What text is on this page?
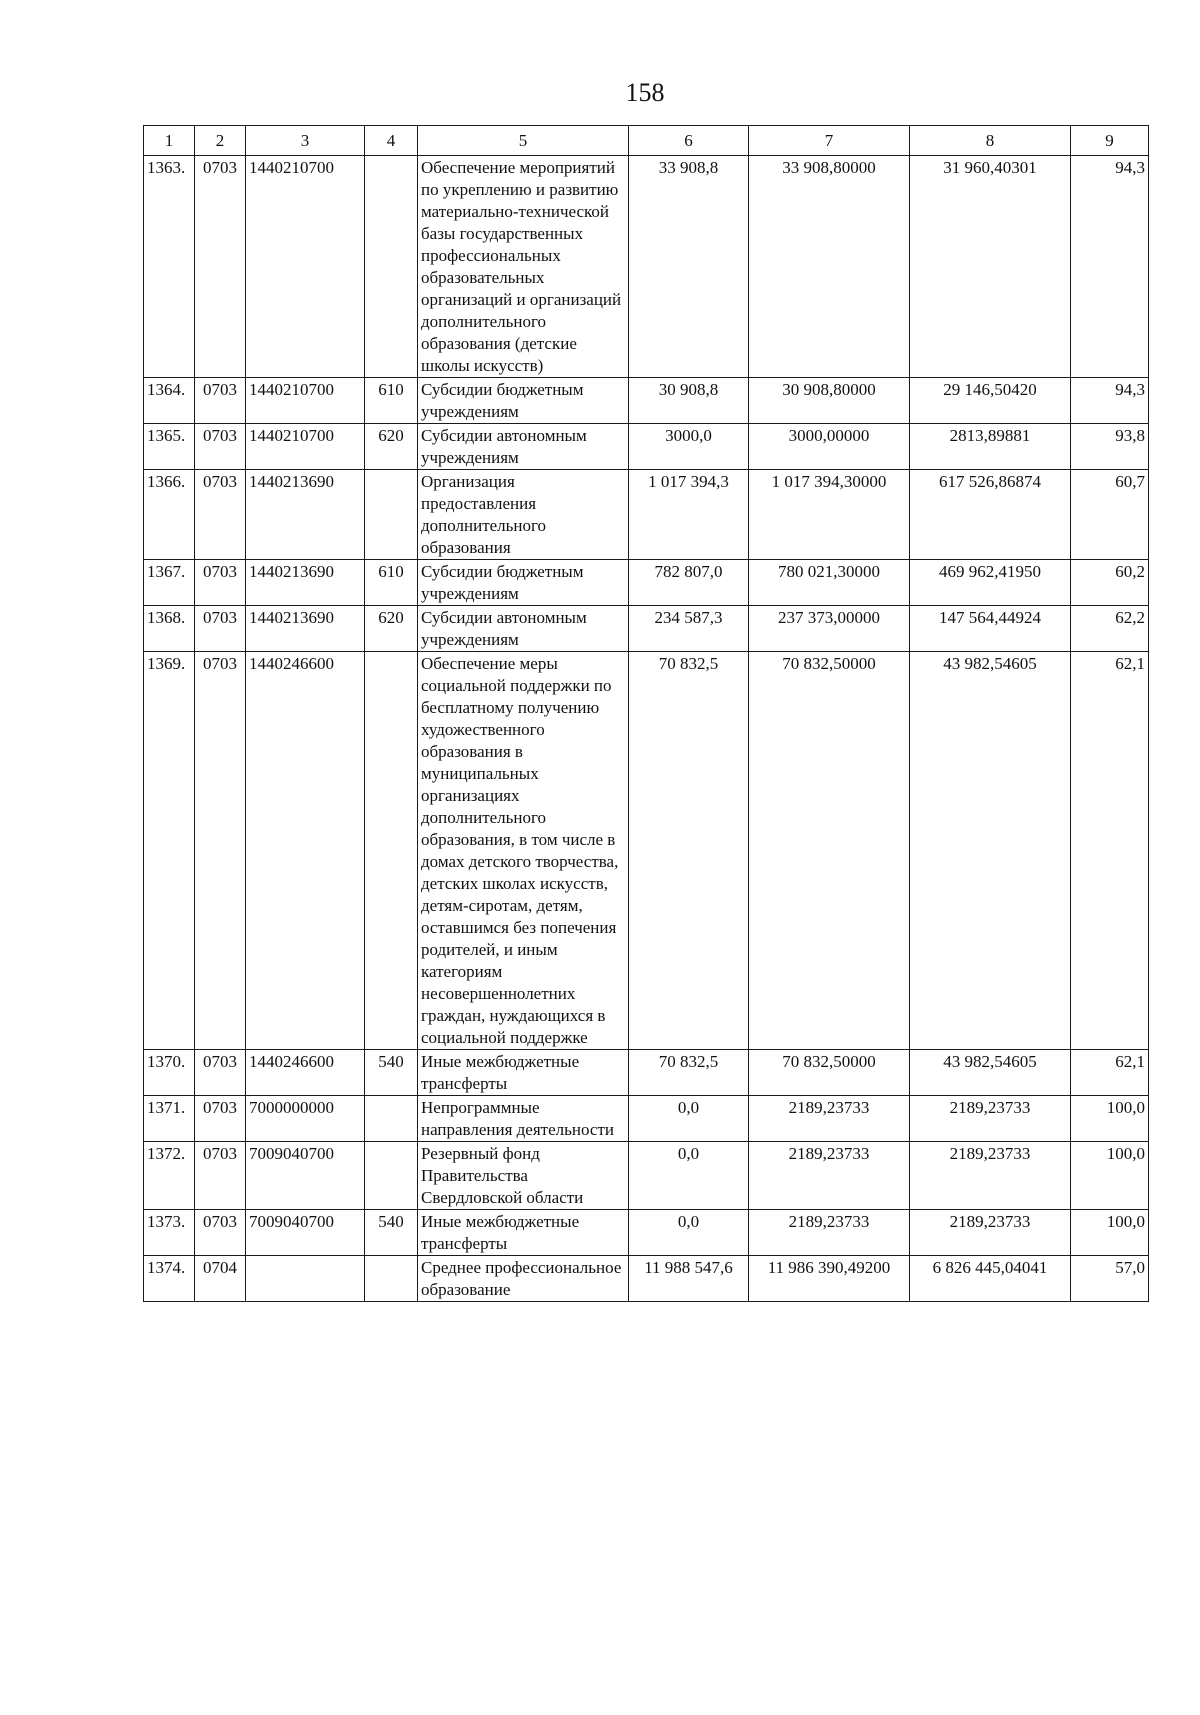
158
1	2	3	4	5	6	7	8	9
1363.	0703	1440210700		Обеспечение мероприятий по укреплению и развитию материально-технической базы государственных профессиональных образовательных организаций и организаций дополнительного образования (детские школы искусств)	33 908,8	33 908,80000	31 960,40301	94,3
1364.	0703	1440210700	610	Субсидии бюджетным учреждениям	30 908,8	30 908,80000	29 146,50420	94,3
1365.	0703	1440210700	620	Субсидии автономным учреждениям	3000,0	3000,00000	2813,89881	93,8
1366.	0703	1440213690		Организация предоставления дополнительного образования	1 017 394,3	1 017 394,30000	617 526,86874	60,7
1367.	0703	1440213690	610	Субсидии бюджетным учреждениям	782 807,0	780 021,30000	469 962,41950	60,2
1368.	0703	1440213690	620	Субсидии автономным учреждениям	234 587,3	237 373,00000	147 564,44924	62,2
1369.	0703	1440246600		Обеспечение меры социальной поддержки по бесплатному получению художественного образования в муниципальных организациях дополнительного образования, в том числе в домах детского творчества, детских школах искусств, детям-сиротам, детям, оставшимся без попечения родителей, и иным категориям несовершеннолетних граждан, нуждающихся в социальной поддержке	70 832,5	70 832,50000	43 982,54605	62,1
1370.	0703	1440246600	540	Иные межбюджетные трансферты	70 832,5	70 832,50000	43 982,54605	62,1
1371.	0703	7000000000		Непрограммные направления деятельности	0,0	2189,23733	2189,23733	100,0
1372.	0703	7009040700		Резервный фонд Правительства Свердловской области	0,0	2189,23733	2189,23733	100,0
1373.	0703	7009040700	540	Иные межбюджетные трансферты	0,0	2189,23733	2189,23733	100,0
1374.	0704			Среднее профессиональное образование	11 988 547,6	11 986 390,49200	6 826 445,04041	57,0
